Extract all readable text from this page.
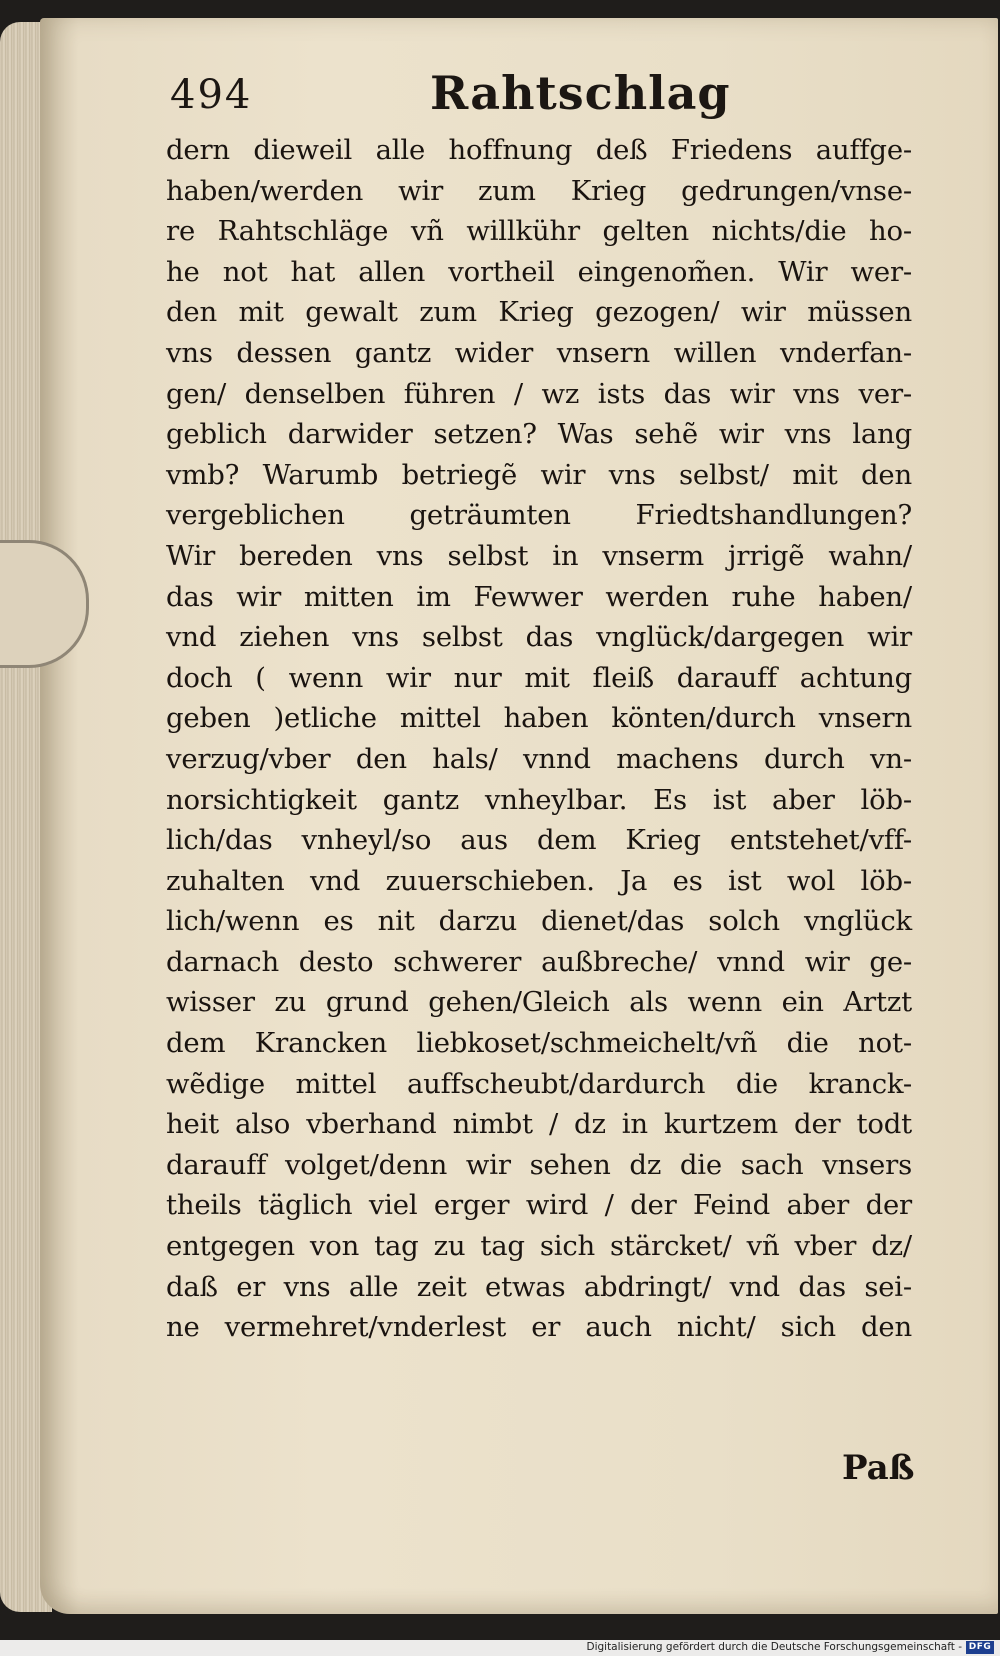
494	Rahtschlag
dern dieweil alle hoffnung deß Friedens auffge-
haben/werden wir zum Krieg gedrungen/vnse-
re Rahtschläge vñ willkühr gelten nichts/die ho-
he not hat allen vortheil eingenom̃en. Wir wer-
den mit gewalt zum Krieg gezogen/ wir müssen
vns dessen gantz wider vnsern willen vnderfan-
gen/ denselben führen / wz ists das wir vns ver-
geblich darwider setzen? Was sehẽ wir vns lang
vmb? Warumb betriegẽ wir vns selbst/ mit den
vergeblichen geträumten Friedtshandlungen?
Wir bereden vns selbst in vnserm jrrigẽ wahn/
das wir mitten im Fewwer werden ruhe haben/
vnd ziehen vns selbst das vnglück/dargegen wir
doch ( wenn wir nur mit fleiß darauff achtung
geben )etliche mittel haben könten/durch vnsern
verzug/vber den hals/ vnnd machens durch vn-
norsichtigkeit gantz vnheylbar. Es ist aber löb-
lich/das vnheyl/so aus dem Krieg entstehet/vff-
zuhalten vnd zuuerschieben. Ja es ist wol löb-
lich/wenn es nit darzu dienet/das solch vnglück
darnach desto schwerer außbreche/ vnnd wir ge-
wisser zu grund gehen/Gleich als wenn ein Artzt
dem Krancken liebkoset/schmeichelt/vñ die not-
wẽdige mittel auffscheubt/dardurch die kranck-
heit also vberhand nimbt / dz in kurtzem der todt
darauff volget/denn wir sehen dz die sach vnsers
theils täglich viel erger wird / der Feind aber der
entgegen von tag zu tag sich stärcket/ vñ vber dz/
daß er vns alle zeit etwas abdringt/ vnd das sei-
ne vermehret/vnderlest er auch nicht/ sich den
Paß
Digitalisierung gefördert durch die Deutsche Forschungsgemeinschaft - DFG
